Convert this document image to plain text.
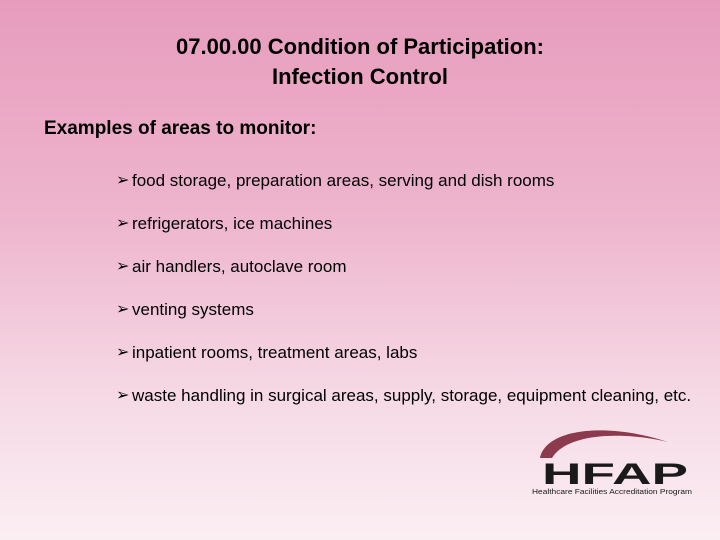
07.00.00 Condition of Participation:
Infection Control
Examples of areas to monitor:
➢ food storage, preparation areas, serving and dish rooms
➢ refrigerators, ice machines
➢ air handlers, autoclave room
➢ venting systems
➢ inpatient rooms, treatment areas, labs
➢ waste handling in surgical areas, supply, storage, equipment cleaning, etc.
HFAP
Healthcare Facilities Accreditation Program
